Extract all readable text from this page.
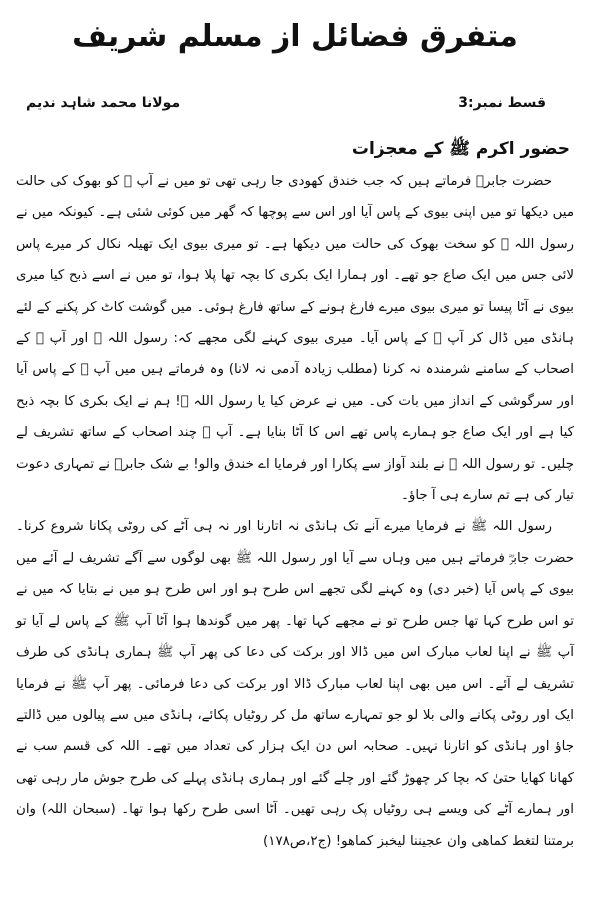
متفرق فضائل از مسلم شریف
قسط نمبر:3
مولانا محمد شاہد ندیم
حضور اکرم ﷺ کے معجزات

حضرت جابرؓ فرماتے ہیں کہ جب خندق کھودی جا رہی تھی تو میں نے آپ ﷺ کو بھوک کی حالت میں دیکھا تو میں اپنی بیوی کے پاس آیا اور اس سے پوچھا کہ گھر میں کوئی شئی ہے۔ کیونکہ میں نے رسول اللہ ﷺ کو سخت بھوک کی حالت میں دیکھا ہے۔ تو میری بیوی ایک تھیلہ نکال کر میرے پاس لائی جس میں ایک صاع جو تھے۔ اور ہمارا ایک بکری کا بچہ تھا پلا ہوا، تو میں نے اسے ذبح کیا میری بیوی نے آٹا پیسا تو میری بیوی میرے فارغ ہونے کے ساتھ فارغ ہوئی۔ میں گوشت کاٹ کر پکنے کے لئے ہانڈی میں ڈال کر آپ ﷺ کے پاس آیا۔ میری بیوی کہنے لگی مجھے کہ: رسول اللہ ﷺ اور آپ ﷺ کے اصحاب کے سامنے شرمندہ نہ کرنا (مطلب زیادہ آدمی نہ لانا) وہ فرماتے ہیں میں آپ ﷺ کے پاس آیا اور سرگوشی کے انداز میں بات کی۔ میں نے عرض کیا یا رسول اللہ ﷺ! ہم نے ایک بکری کا بچہ ذبح کیا ہے اور ایک صاع جو ہمارے پاس تھے اس کا آٹا بنایا ہے۔ آپ ﷺ چند اصحاب کے ساتھ تشریف لے چلیں۔ تو رسول اللہ ﷺ نے بلند آواز سے پکارا اور فرمایا اے خندق والو! بے شک جابرؓ نے تمہاری دعوت تیار کی ہے تم سارے ہی آ جاؤ۔

رسول اللہ ﷺ نے فرمایا میرے آنے تک ہانڈی نہ اتارنا اور نہ ہی آٹے کی روٹی پکانا شروع کرنا۔ حضرت جابرؓ فرماتے ہیں میں وہاں سے آیا اور رسول اللہ ﷺ بھی لوگوں سے آگے تشریف لے آئے میں بیوی کے پاس آیا (خبر دی) وہ کہنے لگی تجھے اس طرح ہو اور اس طرح ہو میں نے بتایا کہ میں نے تو اس طرح کہا تھا جس طرح تو نے مجھے کہا تھا۔ پھر میں گوندھا ہوا آٹا آپ ﷺ کے پاس لے آیا تو آپ ﷺ نے اپنا لعاب مبارک اس میں ڈالا اور برکت کی دعا کی پھر آپ ﷺ ہماری ہانڈی کی طرف تشریف لے آئے۔ اس میں بھی اپنا لعاب مبارک ڈالا اور برکت کی دعا فرمائی۔ پھر آپ ﷺ نے فرمایا ایک اور روٹی پکانے والی بلا لو جو تمہارے ساتھ مل کر روٹیاں پکائے، ہانڈی میں سے پیالوں میں ڈالتے جاؤ اور ہانڈی کو اتارنا نہیں۔ صحابہ اس دن ایک ہزار کی تعداد میں تھے۔ اللہ کی قسم سب نے کھانا کھایا حتیٰ کہ بچا کر چھوڑ گئے اور چلے گئے اور ہماری ہانڈی پہلے کی طرح جوش مار رہی تھی اور ہمارے آٹے کی ویسے ہی روٹیاں پک رہی تھیں۔ آٹا اسی طرح رکھا ہوا تھا۔ (سبحان اللہ) وان برمتنا لتغط کماھی وان عجیننا لیخبز کماھو! (ج۲،ص۱۷۸)
